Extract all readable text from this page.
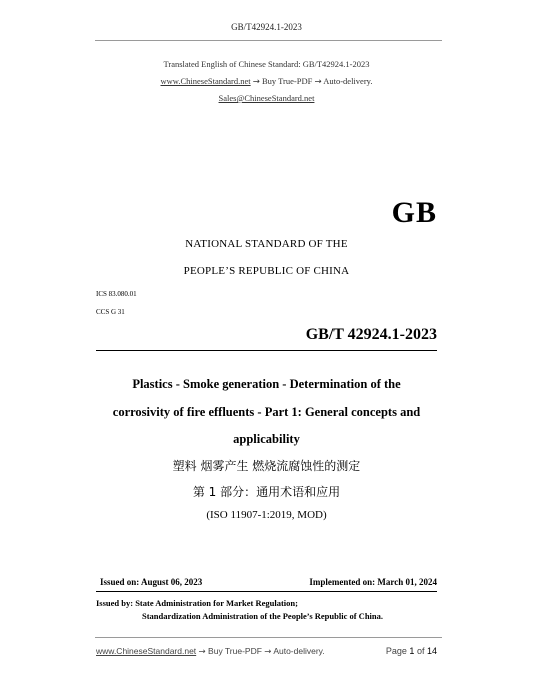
GB/T42924.1-2023
Translated English of Chinese Standard: GB/T42924.1-2023
www.ChineseStandard.net → Buy True-PDF → Auto-delivery.
Sales@ChineseStandard.net
GB
NATIONAL STANDARD OF THE
PEOPLE’S REPUBLIC OF CHINA
ICS 83.080.01
CCS G 31
GB/T 42924.1-2023
Plastics - Smoke generation - Determination of the
corrosivity of fire effluents - Part 1: General concepts and
applicability
塑料 烟雾产生 燃烧流腐蚀性的测定
第 1 部分：通用术语和应用
(ISO 11907-1:2019, MOD)
Issued on: August 06, 2023	Implemented on: March 01, 2024
Issued by: State Administration for Market Regulation;
Standardization Administration of the People’s Republic of China.
www.ChineseStandard.net → Buy True-PDF → Auto-delivery.	Page 1 of 14
